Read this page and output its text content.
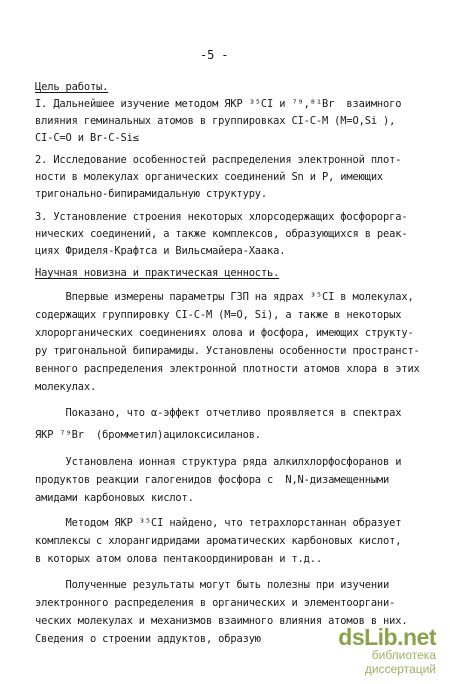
-5 -
Цель работы.
I. Дальнейшее изучение методом ЯКР ³⁵CI и ⁷⁹,⁸¹Br  взаимного
влияния геминальных атомов в группировках CI-C-M (M=O,Si ),
CI-C=O и Br-C-Si≤
2. Исследование особенностей распределения электронной плот-
ности в молекулах органических соединений Sn и P, имеющих
тригонально-бипирамидальную структуру.
3. Установление строения некоторых хлорсодержащих фосфороргa-
нических соединений, а также комплексов, образующихся в реак-
циях Фриделя-Крафтса и Вильсмайера-Хаака.
Научная новизна и практическая ценность.
Впервые измерены параметры ГЗП на ядрах ³⁵CI в молекулах,
содержащих группировку CI-C-M (M=O, Si), а также в некоторых
хлорорганических соединениях олова и фосфора, имеющих структу-
ру тригональной бипирамиды. Установлены особенности пространст-
венного распределения электронной плотности атомов хлора в этих
молекулах.
Показано, что α-эффект отчетливо проявляется в спектрах
ЯКР ⁷⁹Br  (бромметил)ацилоксисиланов.
Установлена ионная структура ряда алкилхлорфосфоранов и
продуктов реакции галогенидов фосфора с  N,N-дизамещенными
амидами карбоновых кислот.
Методом ЯКР ³⁵CI найдено, что тетрахлорстаннан образует
комплексы с хлорангидридами ароматических карбоновых кислот,
в которых атом олова пентакоординирован и т.д..
Полученные результаты могут быть полезны при изучении
электронного распределения в органических и элементооргани-
ческих молекулах и механизмов взаимного влияния атомов в них.
Сведения о строении аддуктов, образую	dsLib.net
библиотека диссертаций
